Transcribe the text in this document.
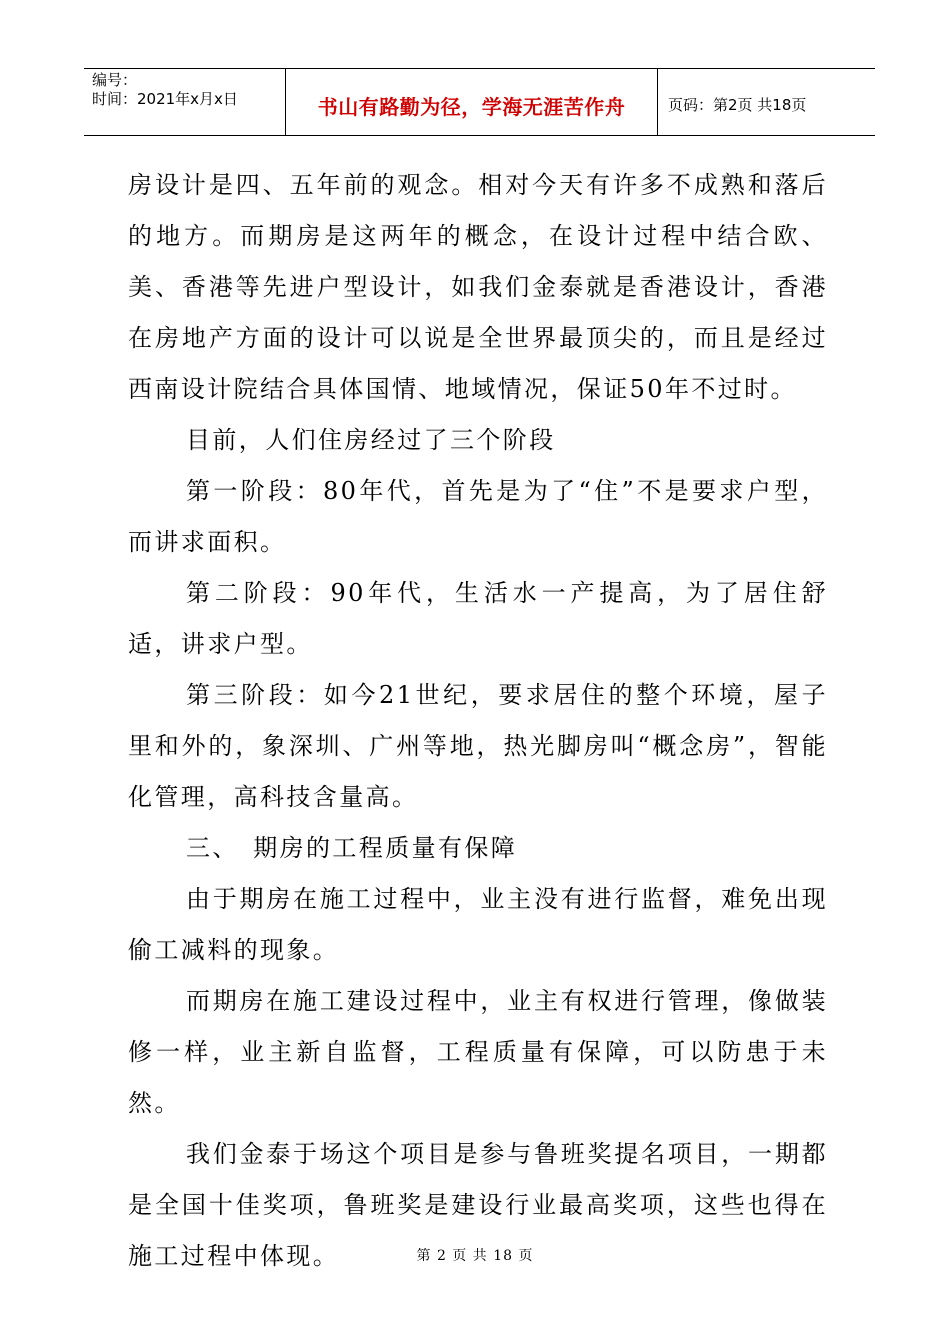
编号：
时间：2021年x月x日	书山有路勤为径，学海无涯苦作舟	页码：第2页 共18页

房设计是四、五年前的观念。相对今天有许多不成熟和落后的地方。而期房是这两年的概念，在设计过程中结合欧、美、香港等先进户型设计，如我们金泰就是香港设计，香港在房地产方面的设计可以说是全世界最顶尖的，而且是经过西南设计院结合具体国情、地域情况，保证50年不过时。

目前，人们住房经过了三个阶段

第一阶段：80年代，首先是为了“住”不是要求户型，而讲求面积。

第二阶段：90年代，生活水一产提高，为了居住舒适，讲求户型。

第三阶段：如今21世纪，要求居住的整个环境，屋子里和外的，象深圳、广州等地，热光脚房叫“概念房”，智能化管理，高科技含量高。

三、　期房的工程质量有保障

由于期房在施工过程中，业主没有进行监督，难免出现偷工减料的现象。

而期房在施工建设过程中，业主有权进行管理，像做装修一样，业主新自监督，工程质量有保障，可以防患于未然。

我们金泰于场这个项目是参与鲁班奖提名项目，一期都是全国十佳奖项，鲁班奖是建设行业最高奖项，这些也得在施工过程中体现。	第 2 页 共 18 页
